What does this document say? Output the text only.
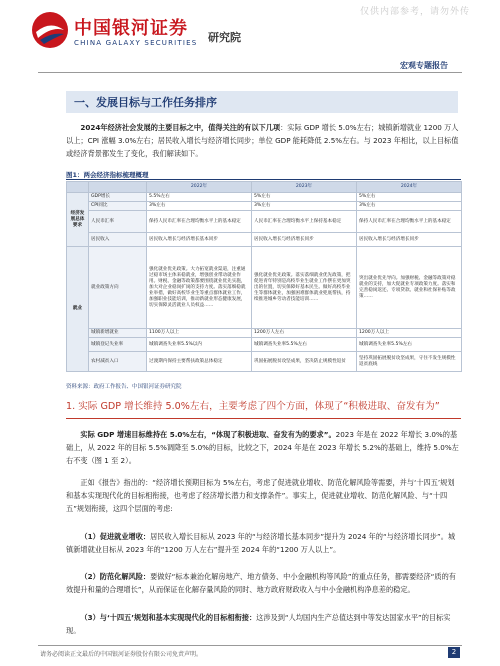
仅供内部参考，请勿外传
中国银河证券
CHINA GALAXY SECURITIES 研究院
宏观专题报告
一、发展目标与工作任务排序
  2024年经济社会发展的主要目标之中，值得关注的有以下几项：实际 GDP 增长 5.0%左右；城镇新增就业 1200 万人以上；CPI 涨幅 3.0%左右；居民收入增长与经济增长同步；单位 GDP 能耗降低 2.5%左右。与 2023 年相比，以上目标值或经济背景都发生了变化，我们解读如下。
图1：两会经济指标梳理概理
		2022年	2023年	2024年
经济发展总体要求	GDP增长	5.5%左右	5%左右	5%左右
	CPI同比	3%左右	3%左右	3%左右
	人民币汇率	保持人民币汇率在合理均衡水平上的基本稳定	人民币汇率在合理均衡水平上保持基本稳定	保持人民币汇率在合理均衡水平上的基本稳定
	居民收入	居民收入增长与经济增长基本同步	居民收入增长与经济增长同步	居民收入增长与经济增长同步
就业	就业政策方向	强化就业优先政策。大力拓宽就业渠道，注重通过稳市场主体来稳就业，增强创业带动就业作用。财税、金融等政策都要围绕就业优先实施，加大对企业稳岗扩岗的支持力度。落实落细稳就业举措，做好高校毕业生等重点群体就业工作，加强职业技能培训，推动新就业形态健康发展，切实保障灵活就业人员权益……	强化就业优先政策。落实落细就业优先政策，把促进青年特别是高校毕业生就业工作摆在更加突出的位置，切实保障好基本民生。做好高校毕业生等群体就业，加强困难群体就业兜底帮扶，持续推进城乡劳动者技能培训……	突出就业优先导向。加强财税、金融等政策对稳就业的支持，加大促就业专项政策力度。落实和完善稳岗返还、专项贷款、就业和社保补贴等政策……
	城镇新增就业	1100万人以上	1200万人左右	1200万人以上
	城镇登记失业率	城镇调查失业率5.5%以内	城镇调查失业率5.5%左右	城镇调查失业率5.5%左右
	农村减贫入口	过渡期内保持主要帮扶政策总体稳定	巩固拓展脱贫攻坚成果，坚决防止规模性返贫	坚持巩固拓展脱贫攻坚成果，守住不发生规模性返贫底线
资料来源：政府工作报告、中国银河证券研究院
1. 实际 GDP 增长维持 5.0%左右，主要考虑了四个方面，体现了“积极进取、奋发有为”
  实际 GDP 增速目标维持在 5.0%左右，“体现了积极进取、奋发有为的要求”。2023 年是在 2022 年增长 3.0%的基础上，从 2022 年的目标 5.5%调降至 5.0%的目标，比较之下，2024 年是在 2023 年增长 5.2%的基础上，维持 5.0%左右不变（图 1 至 2）。
  正如《报告》指出的：“经济增长预期目标为 5%左右，考虑了促进就业增收、防范化解风险等需要，并与‘十四五’规划和基本实现现代化的目标相衔接，也考虑了经济增长潜力和支撑条件”。事实上，促进就业增收、防范化解风险、与“十四五”规划衔接，这四个层面的考虑:
  （1）促进就业增收：居民收入增长目标从 2023 年的“与经济增长基本同步”提升为 2024 年的“与经济增长同步”。城镇新增就业目标从 2023 年的“1200 万人左右”提升至 2024 年的“1200 万人以上”。
  （2）防范化解风险：要做好“标本兼治化解房地产、地方债务、中小金融机构等风险”的重点任务，都需要经济“质的有效提升和量的合理增长”，从而保证在化解存量风险的同时、地方政府财政收入与中小金融机构净息差的稳定。
  （3）与‘十四五’规划和基本实现现代化的目标相衔接：这涉及到“人均国内生产总值达到中等发达国家水平”的目标实现。
请务必阅读正文最后的中国银河证券股份有限公司免责声明。	2
